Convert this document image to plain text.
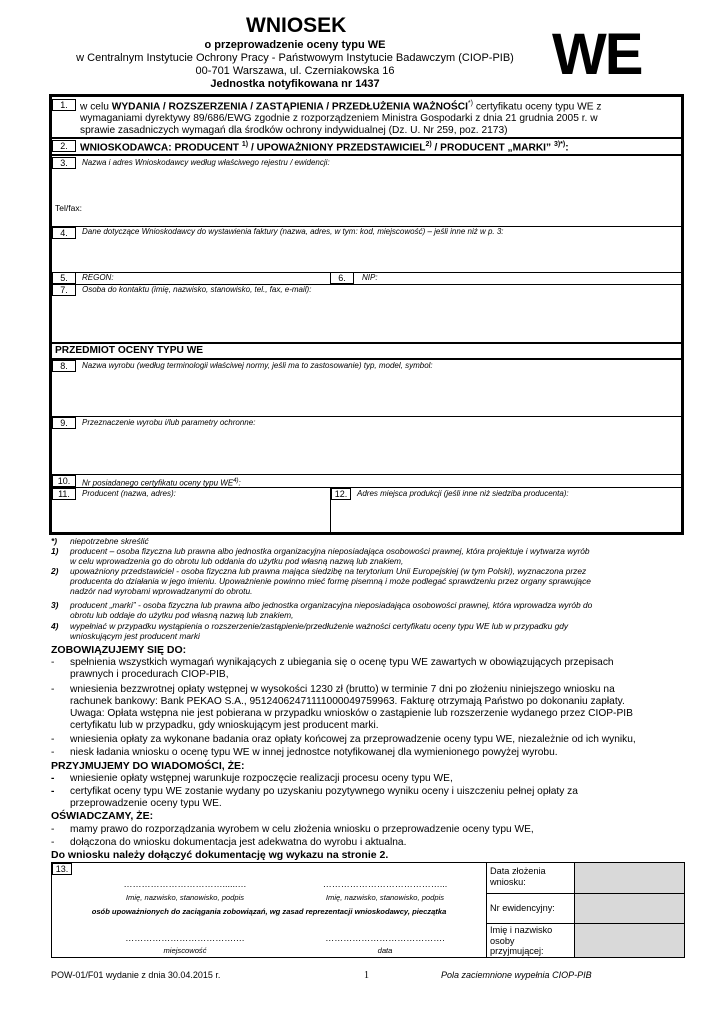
WNIOSEK
o przeprowadzenie oceny typu WE
w Centralnym Instytucie Ochrony Pracy - Państwowym Instytucie Badawczym (CIOP-PIB)
00-701 Warszawa, ul. Czerniakowska 16
Jednostka notyfikowana nr 1437	WE
1.	w celu WYDANIA / ROZSZERZENIA / ZASTĄPIENIA / PRZEDŁUŻENIA WAŻNOŚCI*) certyfikatu oceny typu WE z
wymaganiami dyrektywy 89/686/EWG zgodnie z rozporządzeniem Ministra Gospodarki z dnia 21 grudnia 2005 r. w
sprawie zasadniczych wymagań dla środków ochrony indywidualnej (Dz. U. Nr 259, poz. 2173)
2.	WNIOSKODAWCA: PRODUCENT $^{1)}$ / UPOWAŻNIONY PRZEDSTAWICIEL$^{2)}$ / PRODUCENT „MARKI” $^{3)*)}$:
3.	Nazwa i adres Wnioskodawcy według właściwego rejestru / ewidencji:
Tel/fax:
4.	Dane dotyczące Wnioskodawcy do wystawienia faktury (nazwa, adres, w tym: kod, miejscowość) – jeśli inne niż w p. 3:
5.	REGON:	6.	NIP:
7.	Osoba do kontaktu (imię, nazwisko, stanowisko, tel., fax, e-mail):
PRZEDMIOT OCENY TYPU WE
8.	Nazwa wyrobu (według terminologii właściwej normy, jeśli ma to zastosowanie) typ, model, symbol:
9.	Przeznaczenie wyrobu i/lub parametry ochronne:
10.	Nr posiadanego certyfikatu oceny typu WE$^{4)}$:
11.	Producent (nazwa, adres):	12.	Adres miejsca produkcji (jeśli inne niż siedziba producenta):
*) niepotrzebne skreślić
1) producent – osoba fizyczna lub prawna albo jednostka organizacyjna nieposiadająca osobowości prawnej, która projektuje i wytwarza wyrób
w celu wprowadzenia go do obrotu lub oddania do użytku pod własną nazwą lub znakiem,
2) upoważniony przedstawiciel - osoba fizyczna lub prawna mająca siedzibę na terytorium Unii Europejskiej (w tym Polski), wyznaczona przez
producenta do działania w jego imieniu. Upoważnienie powinno mieć formę pisemną i może podlegać sprawdzeniu przez organy sprawujące
nadzór nad wyrobami wprowadzanymi do obrotu.
3) producent „marki” - osoba fizyczna lub prawna albo jednostka organizacyjna nieposiadająca osobowości prawnej, która wprowadza wyrób do
obrotu lub oddaje do użytku pod własną nazwą lub znakiem,
4) wypełniać w przypadku wystąpienia o rozszerzenie/zastąpienie/przedłużenie ważności certyfikatu oceny typu WE lub w przypadku gdy
wnioskującym jest producent marki
ZOBOWIĄZUJEMY SIĘ DO:
- spełnienia wszystkich wymagań wynikających z ubiegania się o ocenę typu WE zawartych w obowiązujących przepisach
prawnych i procedurach CIOP-PIB,
- wniesienia bezzwrotnej opłaty wstępnej w wysokości 1230 zł (brutto) w terminie 7 dni po złożeniu niniejszego wniosku na
rachunek bankowy: Bank PEKAO S.A., 95124062471111000049759963. Fakturę otrzymają Państwo po dokonaniu zapłaty.
Uwaga: Opłata wstępna nie jest pobierana w przypadku wniosków o zastąpienie lub rozszerzenie wydanego przez CIOP-PIB
certyfikatu lub w przypadku, gdy wnioskującym jest producent marki.
- wniesienia opłaty za wykonane badania oraz opłaty końcowej za przeprowadzenie oceny typu WE, niezależnie od ich wyniku,
- niesk ładania wniosku o ocenę typu WE w innej jednostce notyfikowanej dla wymienionego powyżej wyrobu.
PRZYJMUJEMY DO WIADOMOŚCI, ŻE:
- wniesienie opłaty wstępnej warunkuje rozpoczęcie realizacji procesu oceny typu WE,
- certyfikat oceny typu WE zostanie wydany po uzyskaniu pozytywnego wyniku oceny i uiszczeniu pełnej opłaty za
przeprowadzenie oceny typu WE.
OŚWIADCZAMY, ŻE:
- mamy prawo do rozporządzania wyrobem w celu złożenia wniosku o przeprowadzenie oceny typu WE,
- dołączona do wniosku dokumentacja jest adekwatna do wyrobu i aktualna.
Do wniosku należy dołączyć dokumentację wg wykazu na stronie 2.
13.
……………………………......…	…………………………………...
Imię, nazwisko, stanowisko, podpis	Imię, nazwisko, stanowisko, podpis
osób upoważnionych do zaciągania zobowiązań, wg zasad reprezentacji wnioskodawcy, pieczątka
……………………………….…	………………………………….
miejscowość	data
Data złożenia wniosku:
Nr ewidencyjny:
Imię i nazwisko osoby przyjmującej:
POW-01/F01 wydanie z dnia 30.04.2015 r.	1	Pola zaciemnione wypełnia CIOP-PIB
